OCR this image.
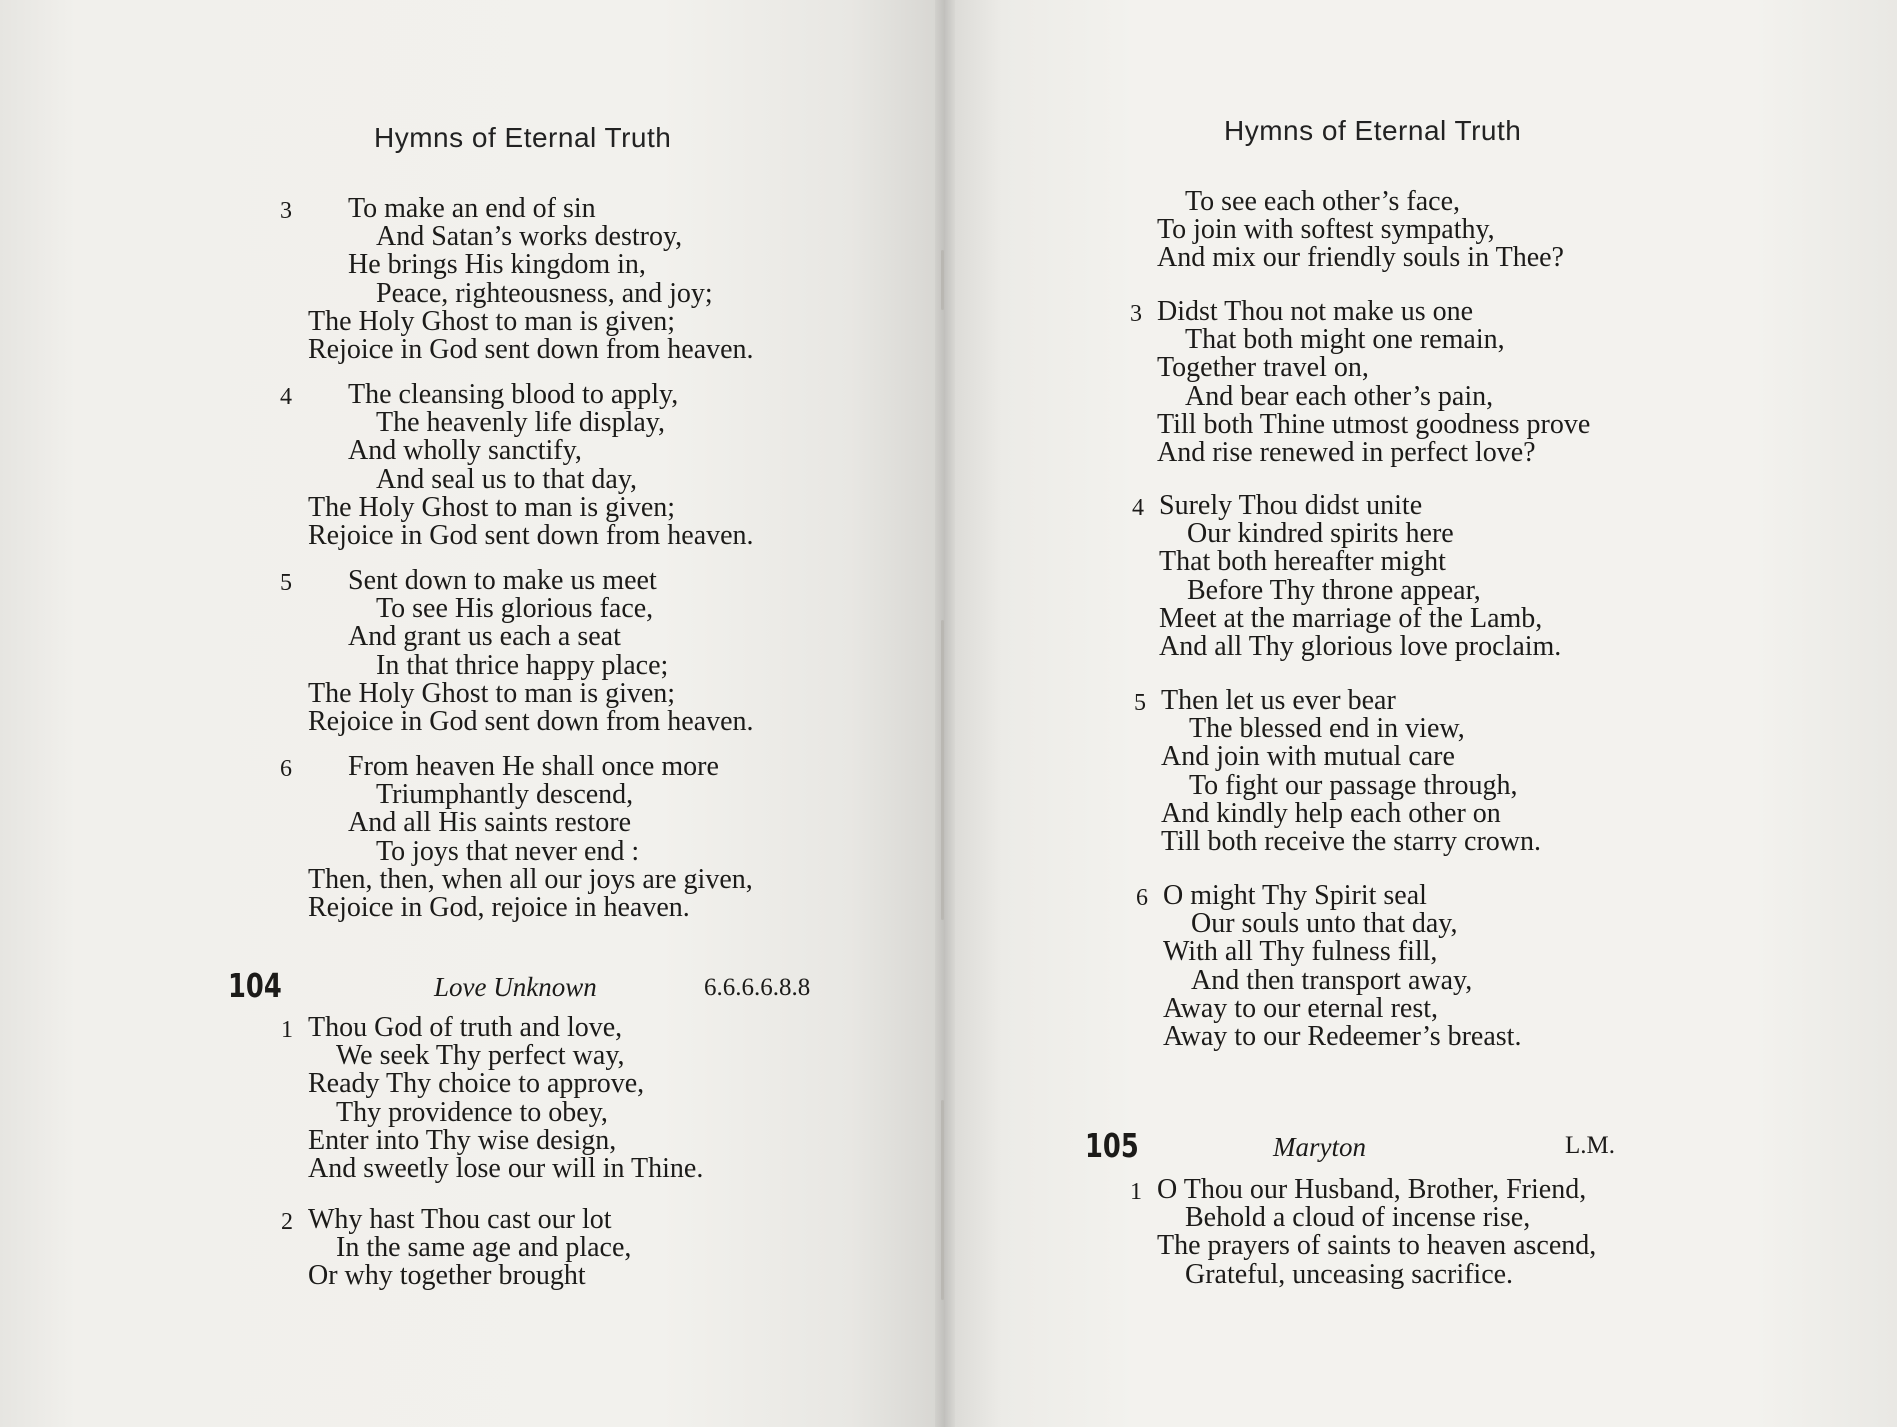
Hymns of Eternal Truth
3 To make an end of sin
And Satan’s works destroy,
He brings His kingdom in,
Peace, righteousness, and joy;
The Holy Ghost to man is given;
Rejoice in God sent down from heaven.
4 The cleansing blood to apply,
The heavenly life display,
And wholly sanctify,
And seal us to that day,
The Holy Ghost to man is given;
Rejoice in God sent down from heaven.
5 Sent down to make us meet
To see His glorious face,
And grant us each a seat
In that thrice happy place;
The Holy Ghost to man is given;
Rejoice in God sent down from heaven.
6 From heaven He shall once more
Triumphantly descend,
And all His saints restore
To joys that never end :
Then, then, when all our joys are given,
Rejoice in God, rejoice in heaven.
104	Love Unknown	6.6.6.6.8.8
1 Thou God of truth and love,
We seek Thy perfect way,
Ready Thy choice to approve,
Thy providence to obey,
Enter into Thy wise design,
And sweetly lose our will in Thine.
2 Why hast Thou cast our lot
In the same age and place,
Or why together brought
Hymns of Eternal Truth
To see each other’s face,
To join with softest sympathy,
And mix our friendly souls in Thee?
3 Didst Thou not make us one
That both might one remain,
Together travel on,
And bear each other’s pain,
Till both Thine utmost goodness prove
And rise renewed in perfect love?
4 Surely Thou didst unite
Our kindred spirits here
That both hereafter might
Before Thy throne appear,
Meet at the marriage of the Lamb,
And all Thy glorious love proclaim.
5 Then let us ever bear
The blessed end in view,
And join with mutual care
To fight our passage through,
And kindly help each other on
Till both receive the starry crown.
6 O might Thy Spirit seal
Our souls unto that day,
With all Thy fulness fill,
And then transport away,
Away to our eternal rest,
Away to our Redeemer’s breast.
105	Maryton	L.M.
1 O Thou our Husband, Brother, Friend,
Behold a cloud of incense rise,
The prayers of saints to heaven ascend,
Grateful, unceasing sacrifice.
